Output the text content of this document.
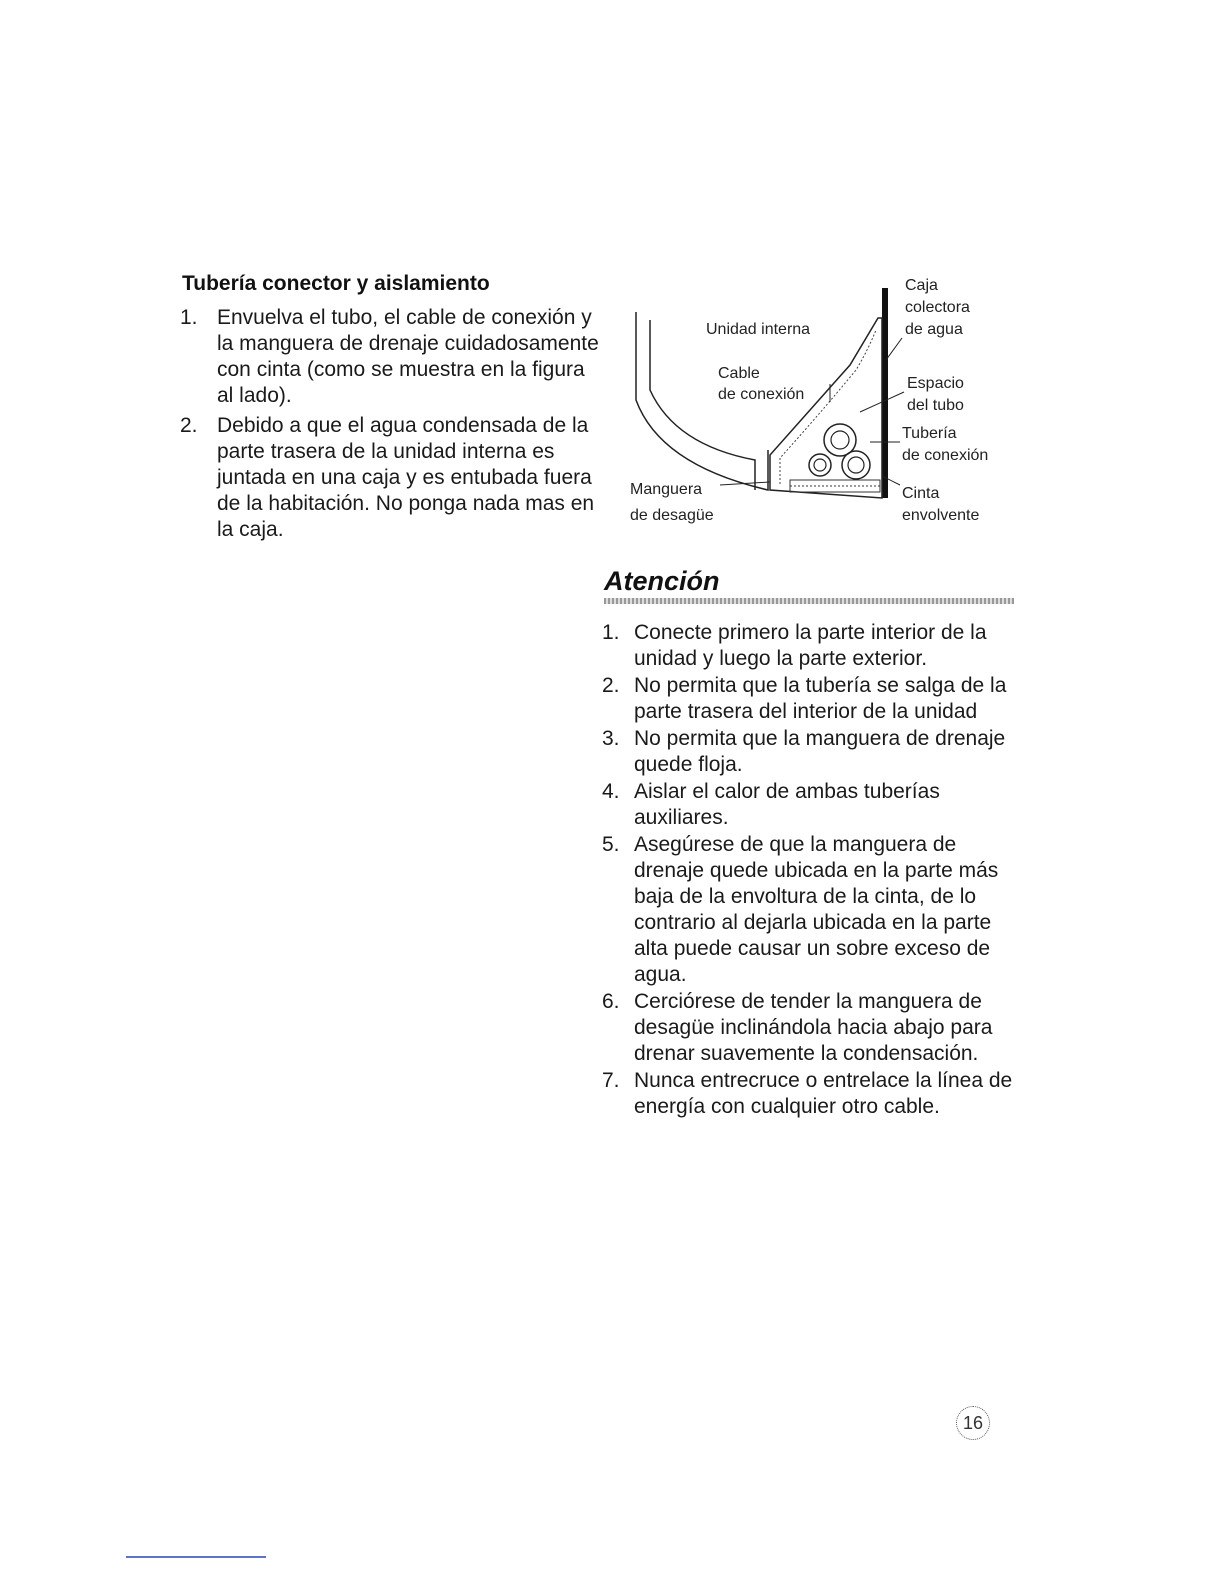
Tubería conector y aislamiento
1. Envuelva el tubo, el cable de conexión y la manguera de drenaje cuidadosamente con cinta (como se muestra en la figura al lado).
2. Debido a que el agua condensada de la parte trasera de la unidad interna es juntada en una caja y es entubada fuera de la habitación. No ponga nada mas en la caja.
Unidad interna
Cable
de conexión
Manguera
de desagüe
Caja
colectora
de agua
Espacio
del tubo
Tubería
de conexión
Cinta
envolvente
Atención
1. Conecte primero la parte interior de la unidad y luego la parte exterior.
2. No permita que la tubería se salga de la parte trasera del interior de la unidad
3. No permita que la manguera de drenaje quede floja.
4. Aislar el calor de ambas tuberías auxiliares.
5. Asegúrese de que la manguera de drenaje quede ubicada en la parte más baja de la envoltura de la cinta, de lo contrario al dejarla ubicada en la parte alta puede causar un sobre exceso de agua.
6. Cerciórese de tender la manguera de desagüe inclinándola hacia abajo para drenar suavemente la condensación.
7. Nunca entrecruce o entrelace la línea de energía con cualquier otro cable.
16
